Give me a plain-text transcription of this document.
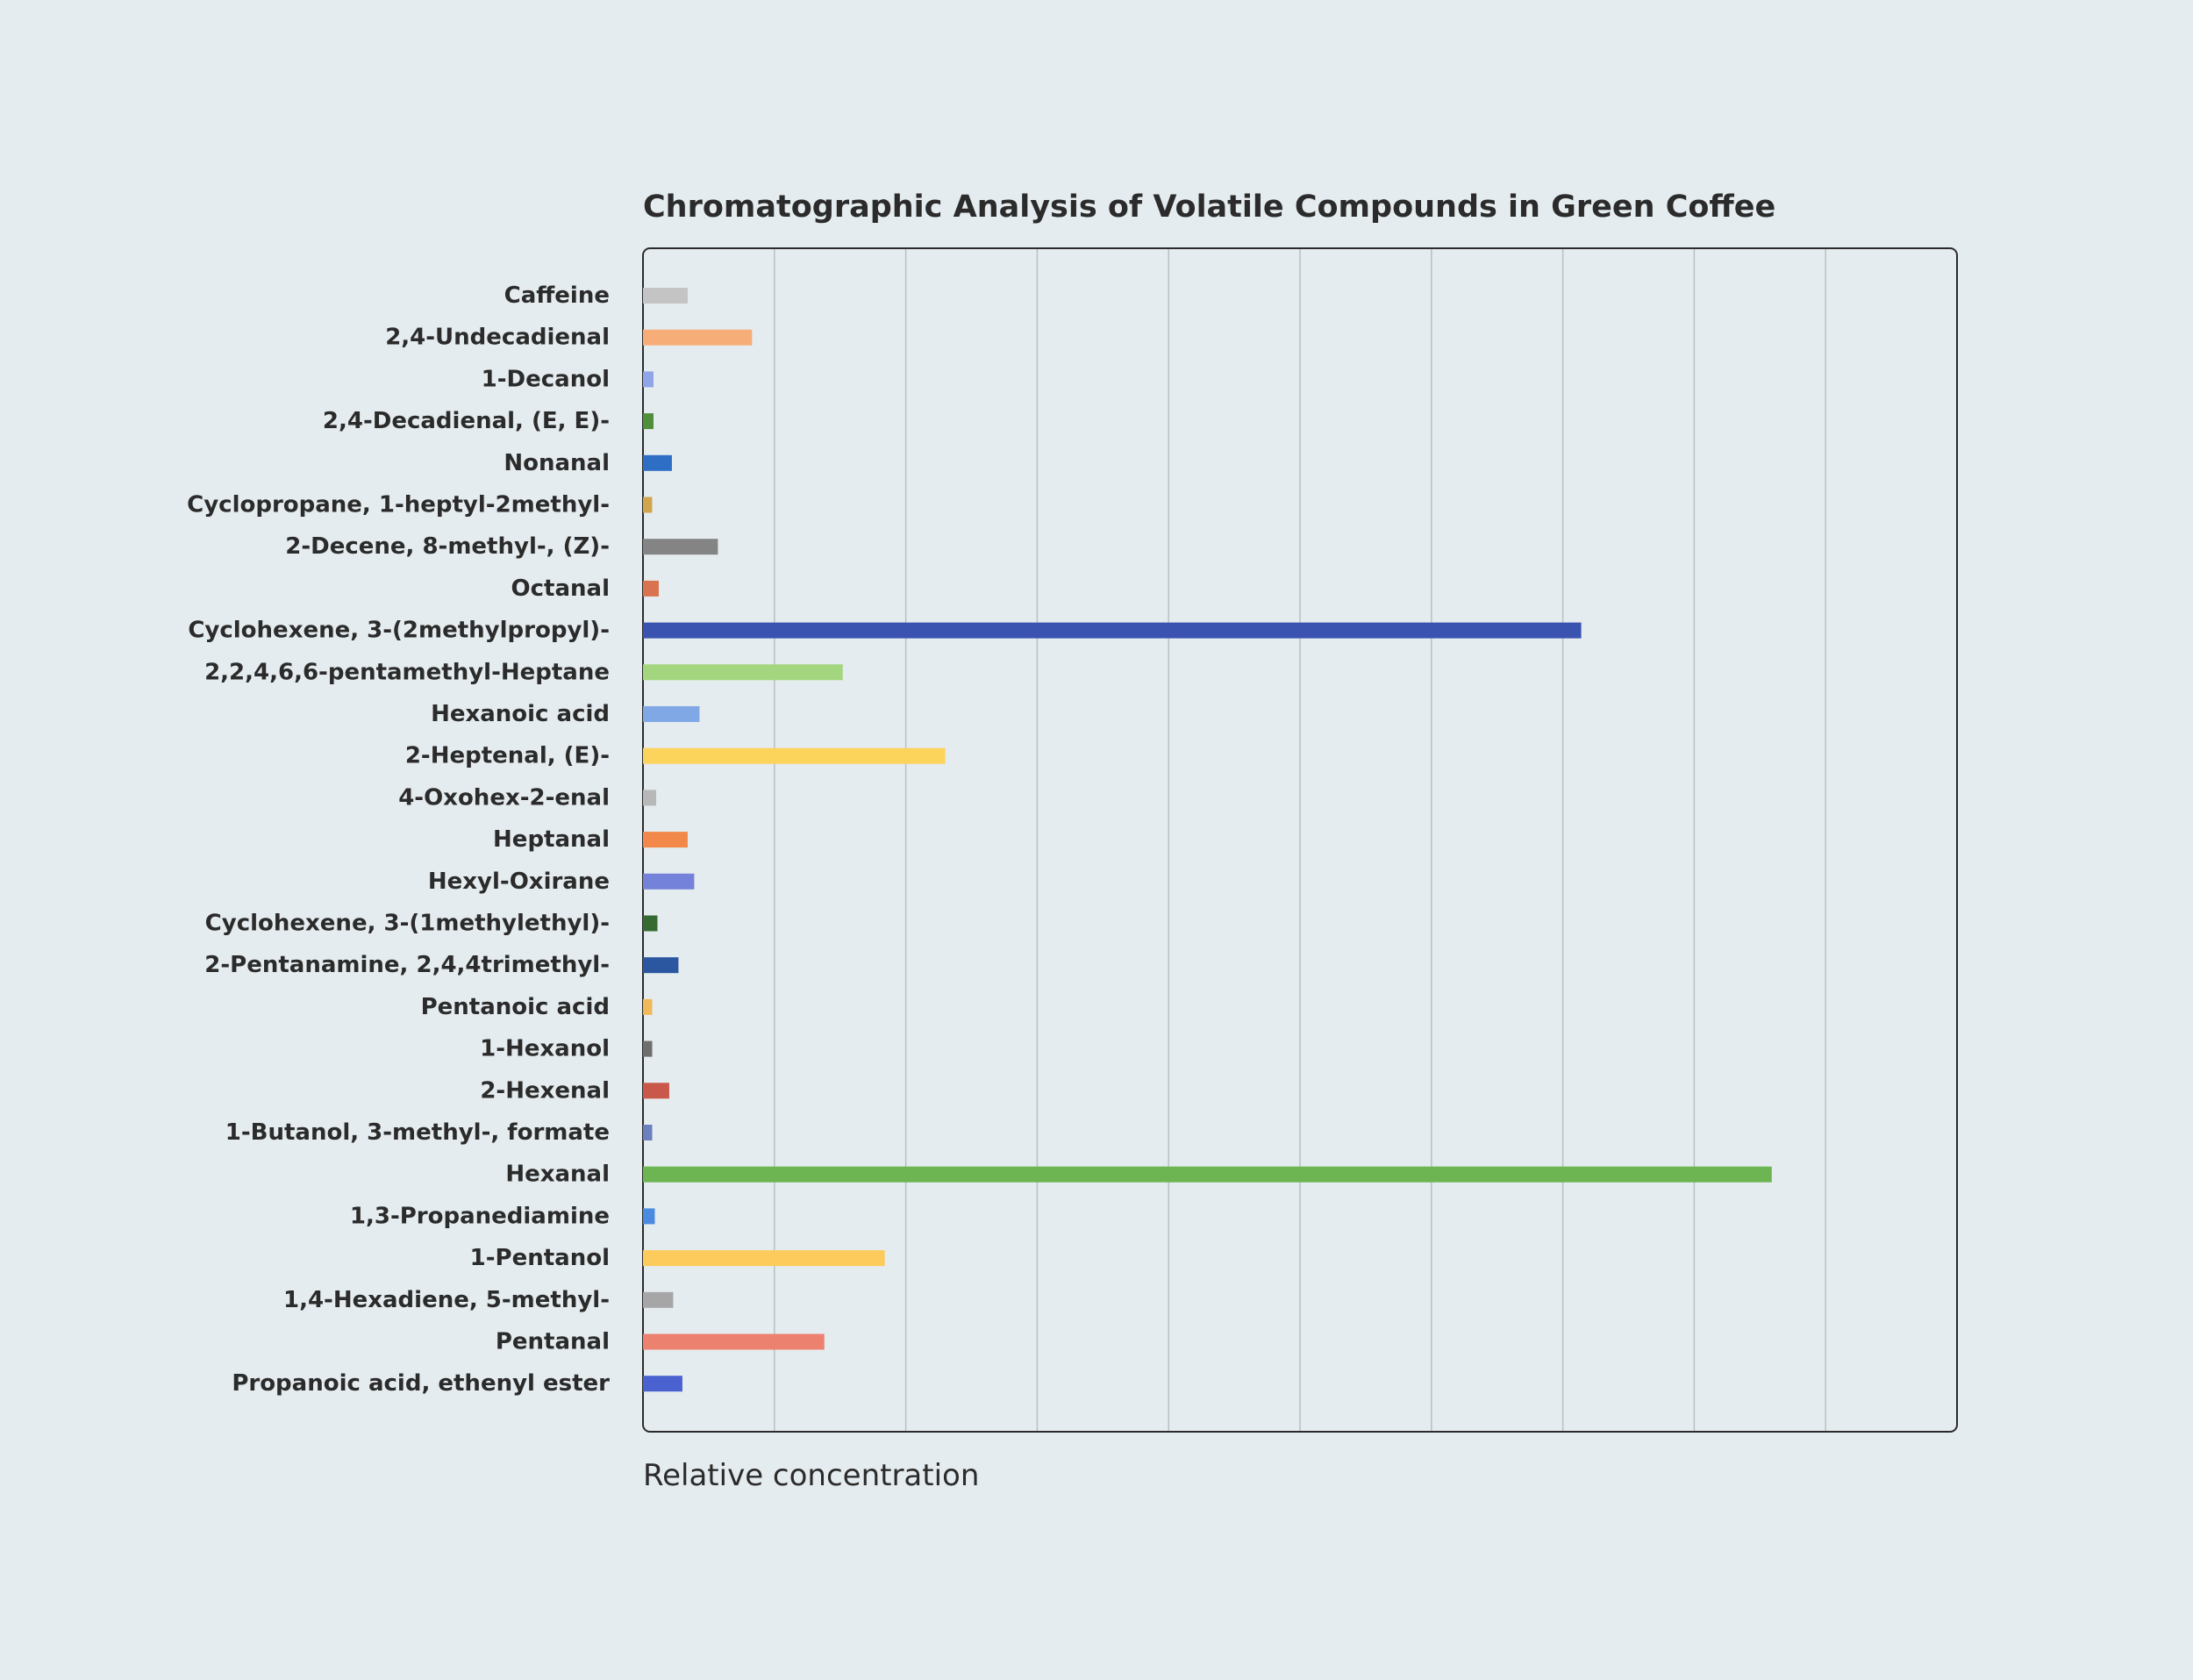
Chromatographic Analysis of Volatile Compounds in Green Coffee
Caffeine
2,4-Undecadienal
1-Decanol
2,4-Decadienal, (E, E)-
Nonanal
Cyclopropane, 1-heptyl-2methyl-
2-Decene, 8-methyl-, (Z)-
Octanal
Cyclohexene, 3-(2methylpropyl)-
2,2,4,6,6-pentamethyl-Heptane
Hexanoic acid
2-Heptenal, (E)-
4-Oxohex-2-enal
Heptanal
Hexyl-Oxirane
Cyclohexene, 3-(1methylethyl)-
2-Pentanamine, 2,4,4trimethyl-
Pentanoic acid
1-Hexanol
2-Hexenal
1-Butanol, 3-methyl-, formate
Hexanal
1,3-Propanediamine
1-Pentanol
1,4-Hexadiene, 5-methyl-
Pentanal
Propanoic acid, ethenyl ester
Relative concentration
